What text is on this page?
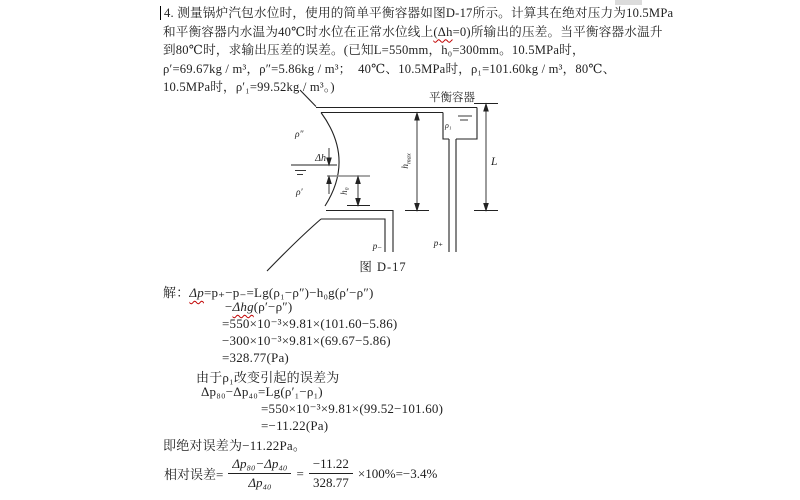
4. 测量锅炉汽包水位时，使用的简单平衡容器如图D-17所示。计算其在绝对压力为10.5MPa
和平衡容器内水温为40℃时水位在正常水位线上(Δh=0)所输出的压差。当平衡容器水温升
到80℃时，求输出压差的误差。(已知L=550mm，h₀=300mm。10.5MPa时，
ρ′=69.67kg / m³，ρ″=5.86kg / m³；  40℃、10.5MPa时，ρ₁=101.60kg / m³，80℃、
10.5MPa时，ρ′₁=99.52kg / m³。)
平衡容器
ρ″
ρ′
ρ₁
Δh
h₀
$h_{max}$	L
p₋	p₊
图 D-17
解：Δp=p₊−p₋=Lg(ρ₁−ρ″)−h₀g(ρ′−ρ″)
−Δhg(ρ′−ρ″)
=550×10⁻³×9.81×(101.60−5.86)
−300×10⁻³×9.81×(69.67−5.86)
=328.77(Pa)
由于ρ₁改变引起的误差为
Δp₈₀−Δp₄₀=Lg(ρ′₁−ρ₁)
=550×10⁻³×9.81×(99.52−101.60)
=−11.22(Pa)
即绝对误差为−11.22Pa。
相对误差= $\frac{\text{Δp₈₀−Δp₄₀}}{\text{Δp₄₀}} = \frac{-11.22}{328.77} \times 100\%=-3.4\%$
